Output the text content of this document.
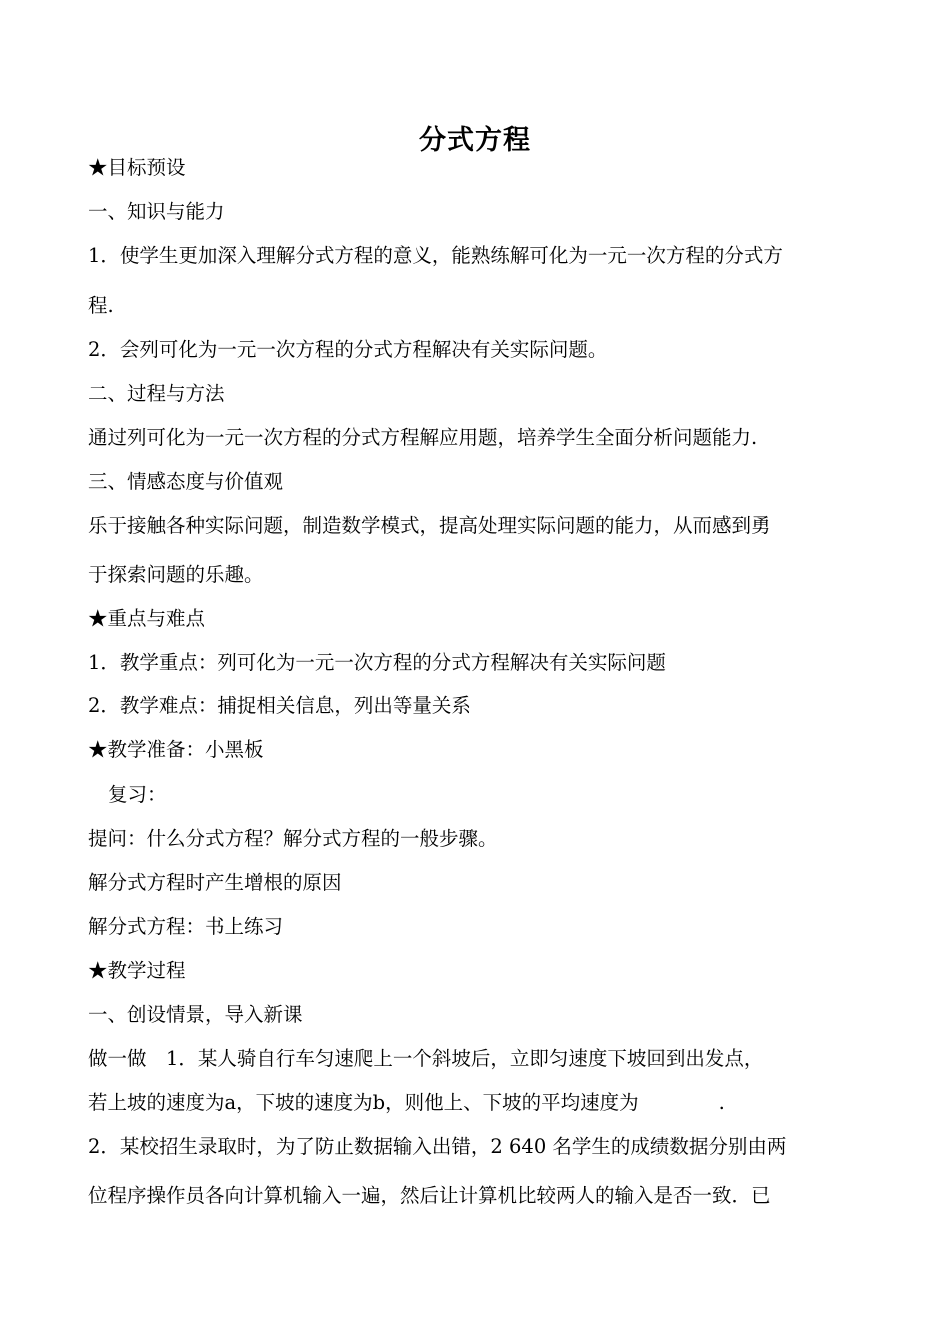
分式方程
★目标预设
一、知识与能力
1．使学生更加深入理解分式方程的意义，能熟练解可化为一元一次方程的分式方
程.
2．会列可化为一元一次方程的分式方程解决有关实际问题。
二、过程与方法
通过列可化为一元一次方程的分式方程解应用题，培养学生全面分析问题能力.
三、情感态度与价值观
乐于接触各种实际问题，制造数学模式，提高处理实际问题的能力，从而感到勇
于探索问题的乐趣。
★重点与难点
1．教学重点：列可化为一元一次方程的分式方程解决有关实际问题
2．教学难点：捕捉相关信息，列出等量关系
★教学准备：小黑板
复习：
提问：什么分式方程？解分式方程的一般步骤。
解分式方程时产生增根的原因
解分式方程：书上练习
★教学过程
一、创设情景，导入新课
做一做　1．某人骑自行车匀速爬上一个斜坡后，立即匀速度下坡回到出发点，
若上坡的速度为a，下坡的速度为b，则他上、下坡的平均速度为	.
2．某校招生录取时，为了防止数据输入出错，2 640 名学生的成绩数据分别由两
位程序操作员各向计算机输入一遍，然后让计算机比较两人的输入是否一致．已
